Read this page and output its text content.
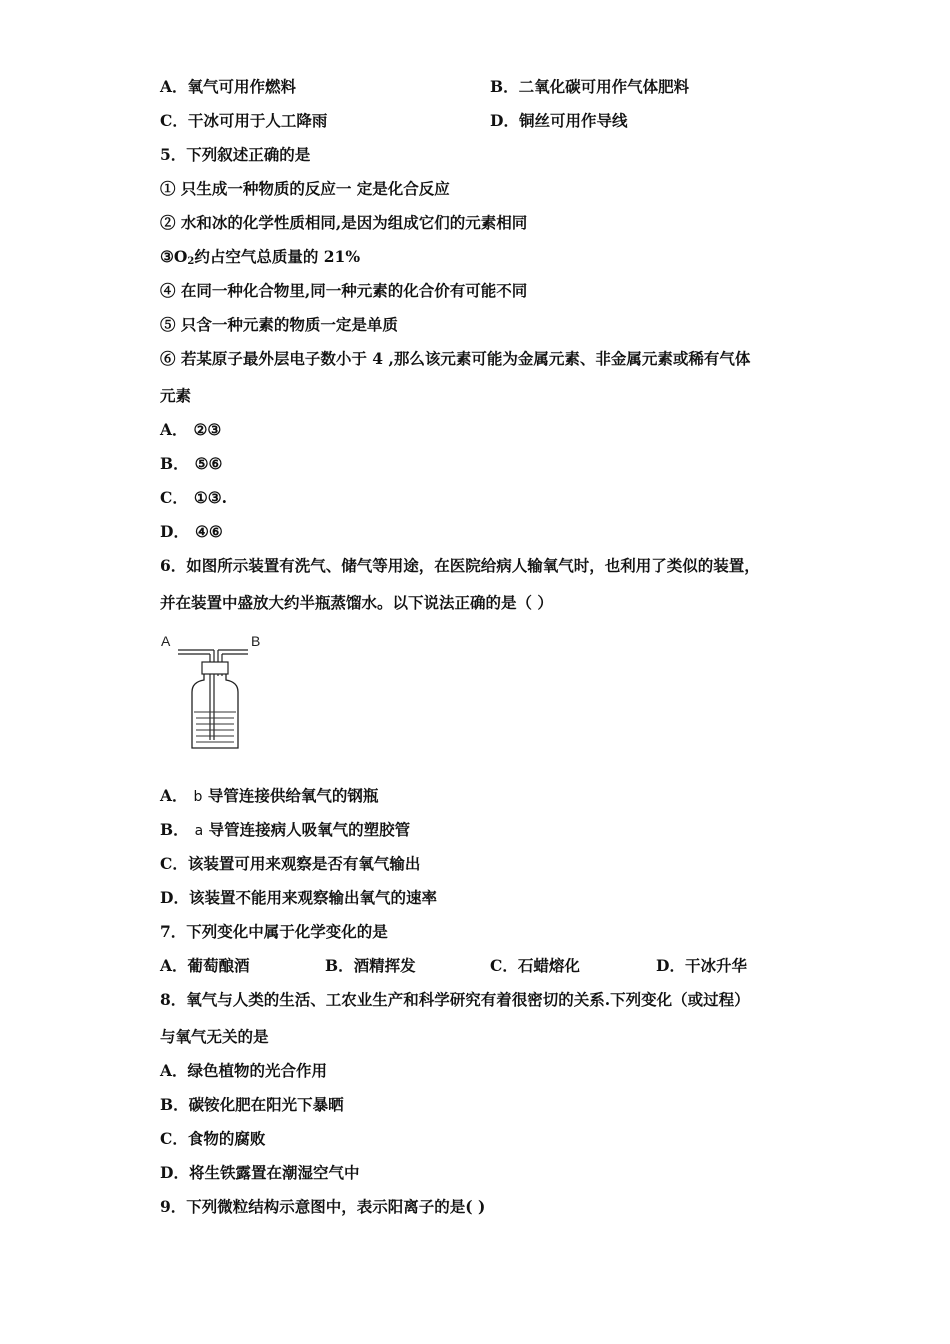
A．氧气可用作燃料	B．二氧化碳可用作气体肥料
C．干冰可用于人工降雨	D．铜丝可用作导线
5．下列叙述正确的是
① 只生成一种物质的反应一 定是化合反应
② 水和冰的化学性质相同,是因为组成它们的元素相同
$③O_2$约占空气总质量的 21%
④ 在同一种化合物里,同一种元素的化合价有可能不同
⑤ 只含一种元素的物质一定是单质
⑥ 若某原子最外层电子数小于 4 ,那么该元素可能为金属元素、非金属元素或稀有气体
元素
A． ②③
B． ⑤⑥
C． ①③.
D． ④⑥
6．如图所示装置有洗气、储气等用途，在医院给病人输氧气时，也利用了类似的装置，
并在装置中盛放大约半瓶蒸馏水。以下说法正确的是（ ）
A	B
A． b 导管连接供给氧气的钢瓶
B． a 导管连接病人吸氧气的塑胶管
C．该装置可用来观察是否有氧气输出
D．该装置不能用来观察输出氧气的速率
7．下列变化中属于化学变化的是
A．葡萄酿酒	B．酒精挥发	C．石蜡熔化	D．干冰升华
8．氧气与人类的生活、工农业生产和科学研究有着很密切的关系.下列变化（或过程）
与氧气无关的是
A．绿色植物的光合作用
B．碳铵化肥在阳光下暴晒
C．食物的腐败
D．将生铁露置在潮湿空气中
9．下列微粒结构示意图中，表示阳离子的是( )
